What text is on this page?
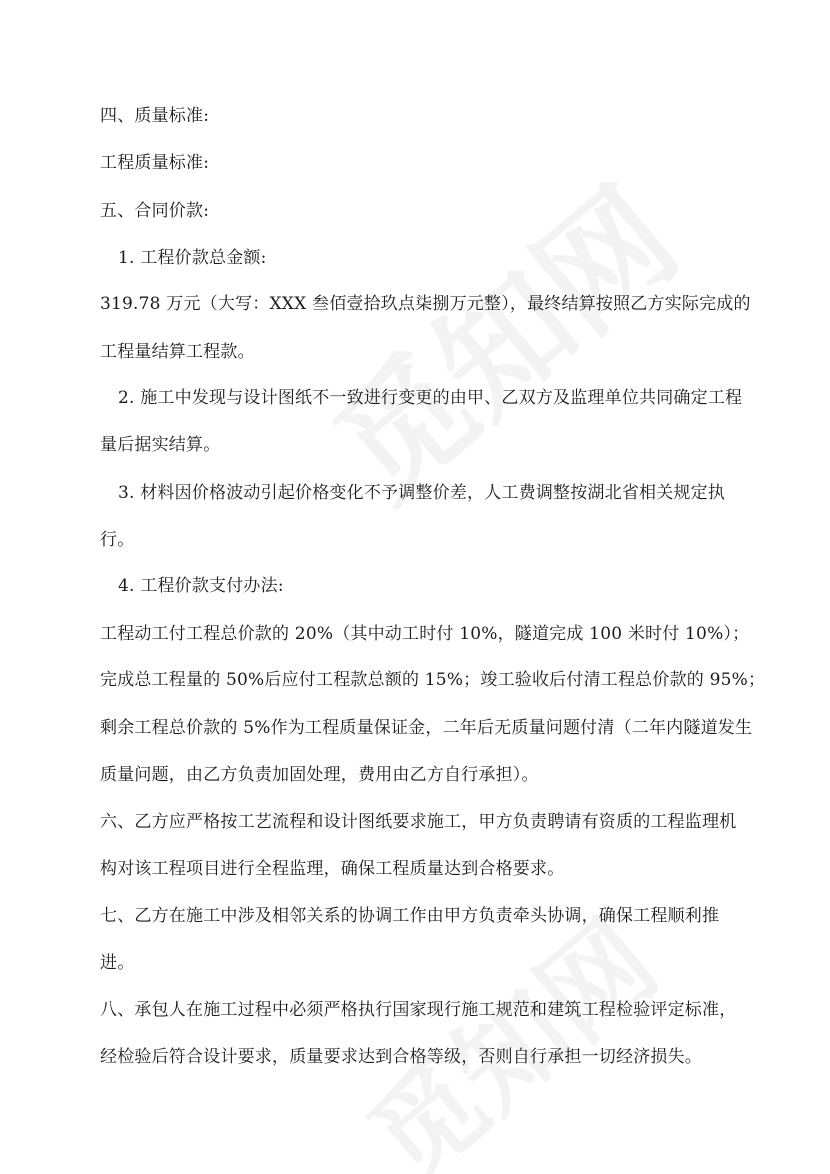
四、质量标准:
工程质量标准:
五、合同价款:
1. 工程价款总金额:
319.78 万元（大写：XXX 叁佰壹拾玖点柒捌万元整），最终结算按照乙方实际完成的
工程量结算工程款。
2. 施工中发现与设计图纸不一致进行变更的由甲、乙双方及监理单位共同确定工程
量后据实结算。
3. 材料因价格波动引起价格变化不予调整价差，人工费调整按湖北省相关规定执
行。
4. 工程价款支付办法:
工程动工付工程总价款的 20%（其中动工时付 10%，隧道完成 100 米时付 10%）；
完成总工程量的 50%后应付工程款总额的 15%；竣工验收后付清工程总价款的 95%；
剩余工程总价款的 5%作为工程质量保证金，二年后无质量问题付清（二年内隧道发生
质量问题，由乙方负责加固处理，费用由乙方自行承担）。
六、乙方应严格按工艺流程和设计图纸要求施工，甲方负责聘请有资质的工程监理机
构对该工程项目进行全程监理，确保工程质量达到合格要求。
七、乙方在施工中涉及相邻关系的协调工作由甲方负责牵头协调，确保工程顺利推
进。
八、承包人在施工过程中必须严格执行国家现行施工规范和建筑工程检验评定标准，
经检验后符合设计要求，质量要求达到合格等级，否则自行承担一切经济损失。
